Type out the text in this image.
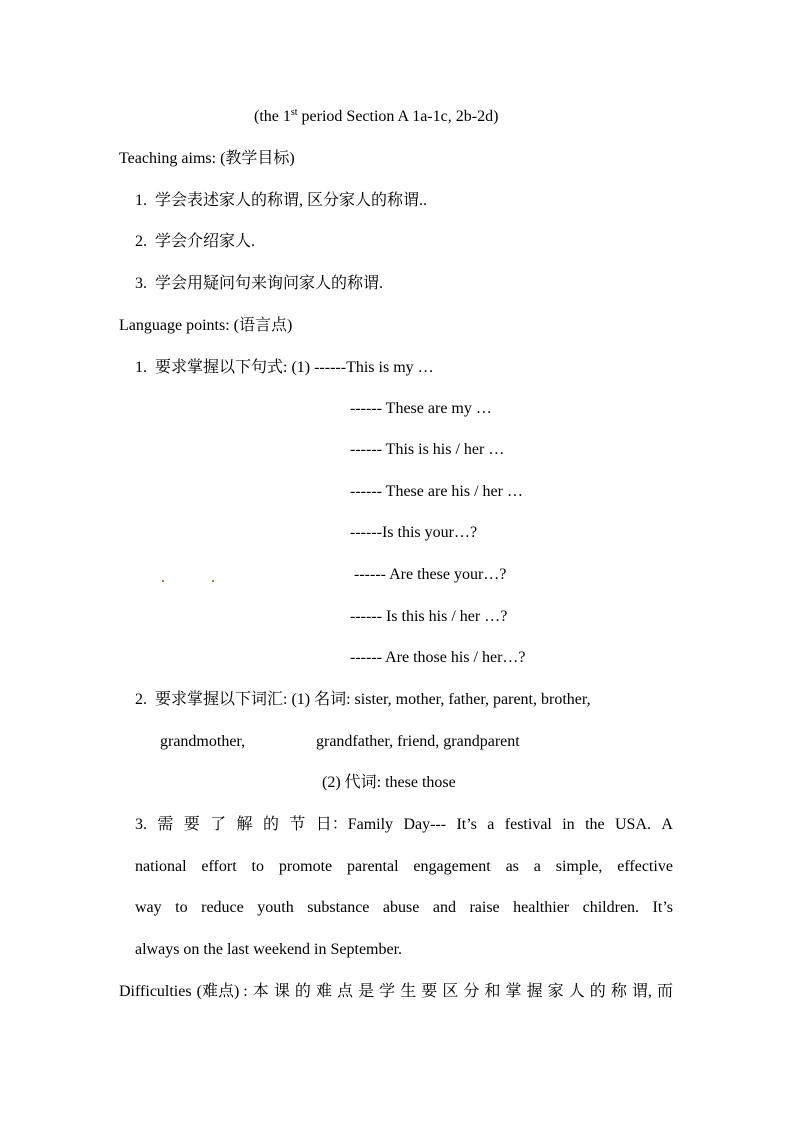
(the 1st period Section A 1a-1c, 2b-2d)
Teaching aims: (教学目标)
1. 学会表述家人的称谓, 区分家人的称谓..
2. 学会介绍家人.
3. 学会用疑问句来询问家人的称谓.
Language points: (语言点)
1. 要求掌握以下句式: (1) ------This is my …
------ These are my …
------ This is his / her …
------ These are his / her …
------Is this your…?
------ Are these your…?
------ Is this his / her …?
------ Are those his / her…?
2. 要求掌握以下词汇: (1) 名词: sister, mother, father, parent, brother,
grandmother,	grandfather, friend, grandparent
(2) 代词: these those
3. 需 要 了 解 的 节 日：Family Day--- It’s a festival in the USA. A
national effort to promote parental engagement as a simple, effective
way to reduce youth substance abuse and raise healthier children. It’s
always on the last weekend in September.
Difficulties (难点) : 本 课 的 难 点 是 学 生 要 区 分 和 掌 握 家 人 的 称 谓, 而
